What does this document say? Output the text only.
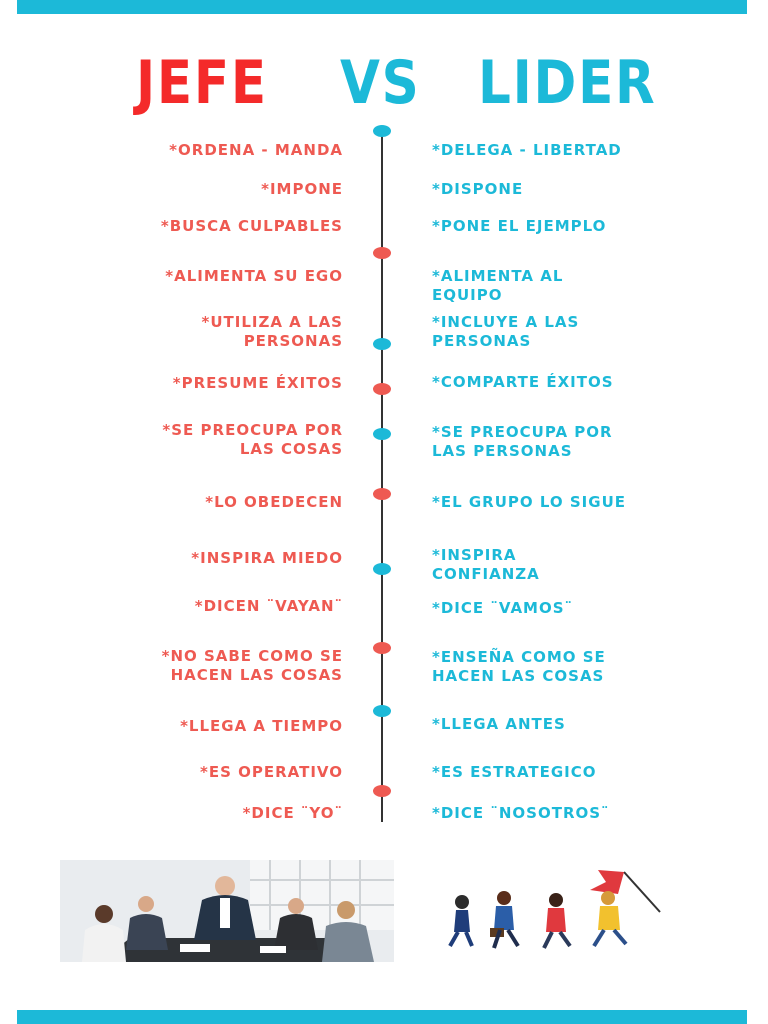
JEFE VS LIDER
*ORDENA - MANDA
*IMPONE
*BUSCA CULPABLES
*ALIMENTA SU EGO
*UTILIZA A LAS
PERSONAS
*PRESUME ÉXITOS
*SE PREOCUPA POR
LAS COSAS
*LO OBEDECEN
*INSPIRA MIEDO
*DICEN ¨VAYAN¨
*NO SABE COMO SE
HACEN LAS COSAS
*LLEGA A TIEMPO
*ES OPERATIVO
*DICE ¨YO¨
*DELEGA - LIBERTAD
*DISPONE
*PONE EL EJEMPLO
*ALIMENTA AL
EQUIPO
*INCLUYE A LAS
PERSONAS
*COMPARTE ÉXITOS
*SE PREOCUPA POR
LAS PERSONAS
*EL GRUPO LO SIGUE
*INSPIRA
CONFIANZA
*DICE ¨VAMOS¨
*ENSEÑA COMO SE
HACEN LAS COSAS
*LLEGA ANTES
*ES ESTRATEGICO
*DICE ¨NOSOTROS¨
